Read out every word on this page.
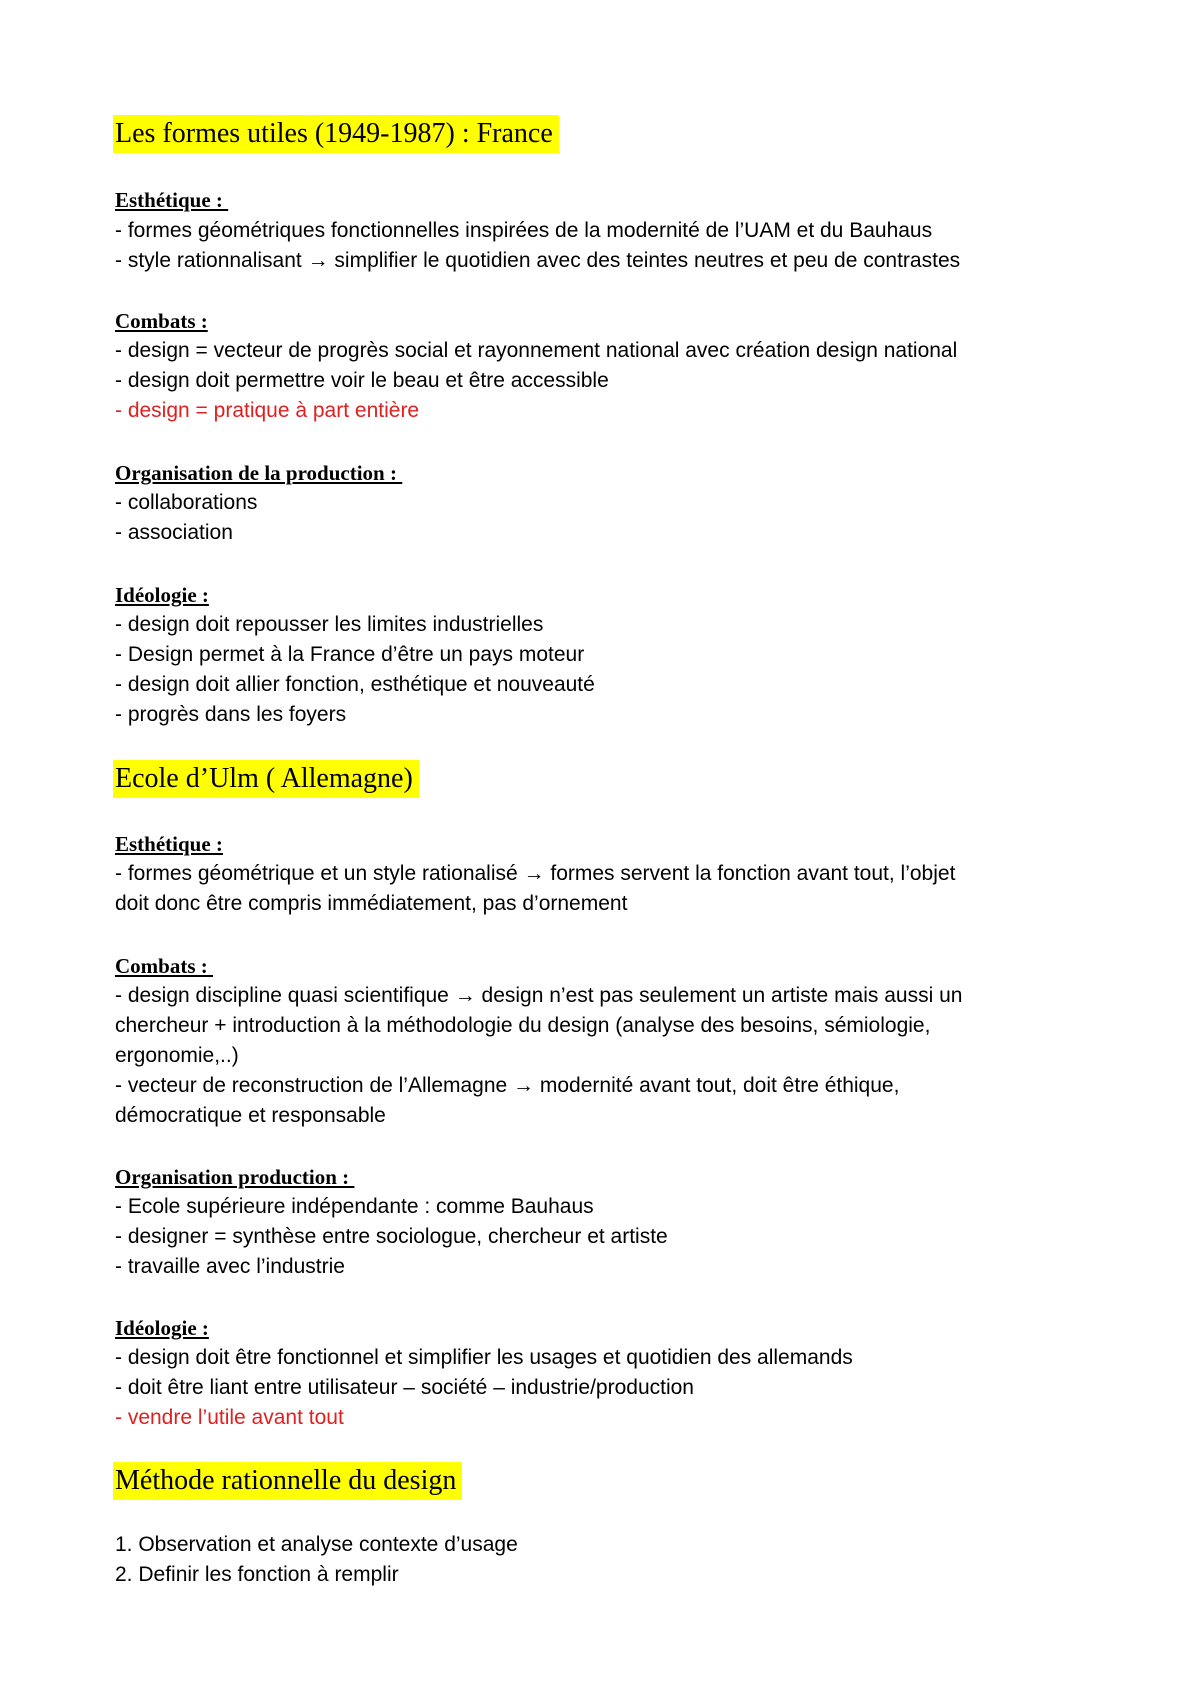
Les formes utiles (1949-1987) : France
Esthétique :
- formes géométriques fonctionnelles inspirées de la modernité de l’UAM et du Bauhaus
- style rationnalisant → simplifier le quotidien avec des teintes neutres et peu de contrastes
Combats :
- design = vecteur de progrès social et rayonnement national avec création design national
- design doit permettre voir le beau et être accessible
- design = pratique à part entière
Organisation de la production :
- collaborations
- association
Idéologie :
- design doit repousser les limites industrielles
- Design permet à la France d’être un pays moteur
- design doit allier fonction, esthétique et nouveauté
- progrès dans les foyers
Ecole d’Ulm ( Allemagne)
Esthétique :
- formes géométrique et un style rationalisé → formes servent la fonction avant tout, l’objet
doit donc être compris immédiatement, pas d’ornement
Combats :
- design discipline quasi scientifique → design n’est pas seulement un artiste mais aussi un
chercheur + introduction à la méthodologie du design (analyse des besoins, sémiologie,
ergonomie,..)
- vecteur de reconstruction de l’Allemagne → modernité avant tout, doit être éthique,
démocratique et responsable
Organisation production :
- Ecole supérieure indépendante : comme Bauhaus
- designer = synthèse entre sociologue, chercheur et artiste
- travaille avec l’industrie
Idéologie :
- design doit être fonctionnel et simplifier les usages et quotidien des allemands
- doit être liant entre utilisateur – société – industrie/production
- vendre l’utile avant tout
Méthode rationnelle du design
1. Observation et analyse contexte d’usage
2. Definir les fonction à remplir
